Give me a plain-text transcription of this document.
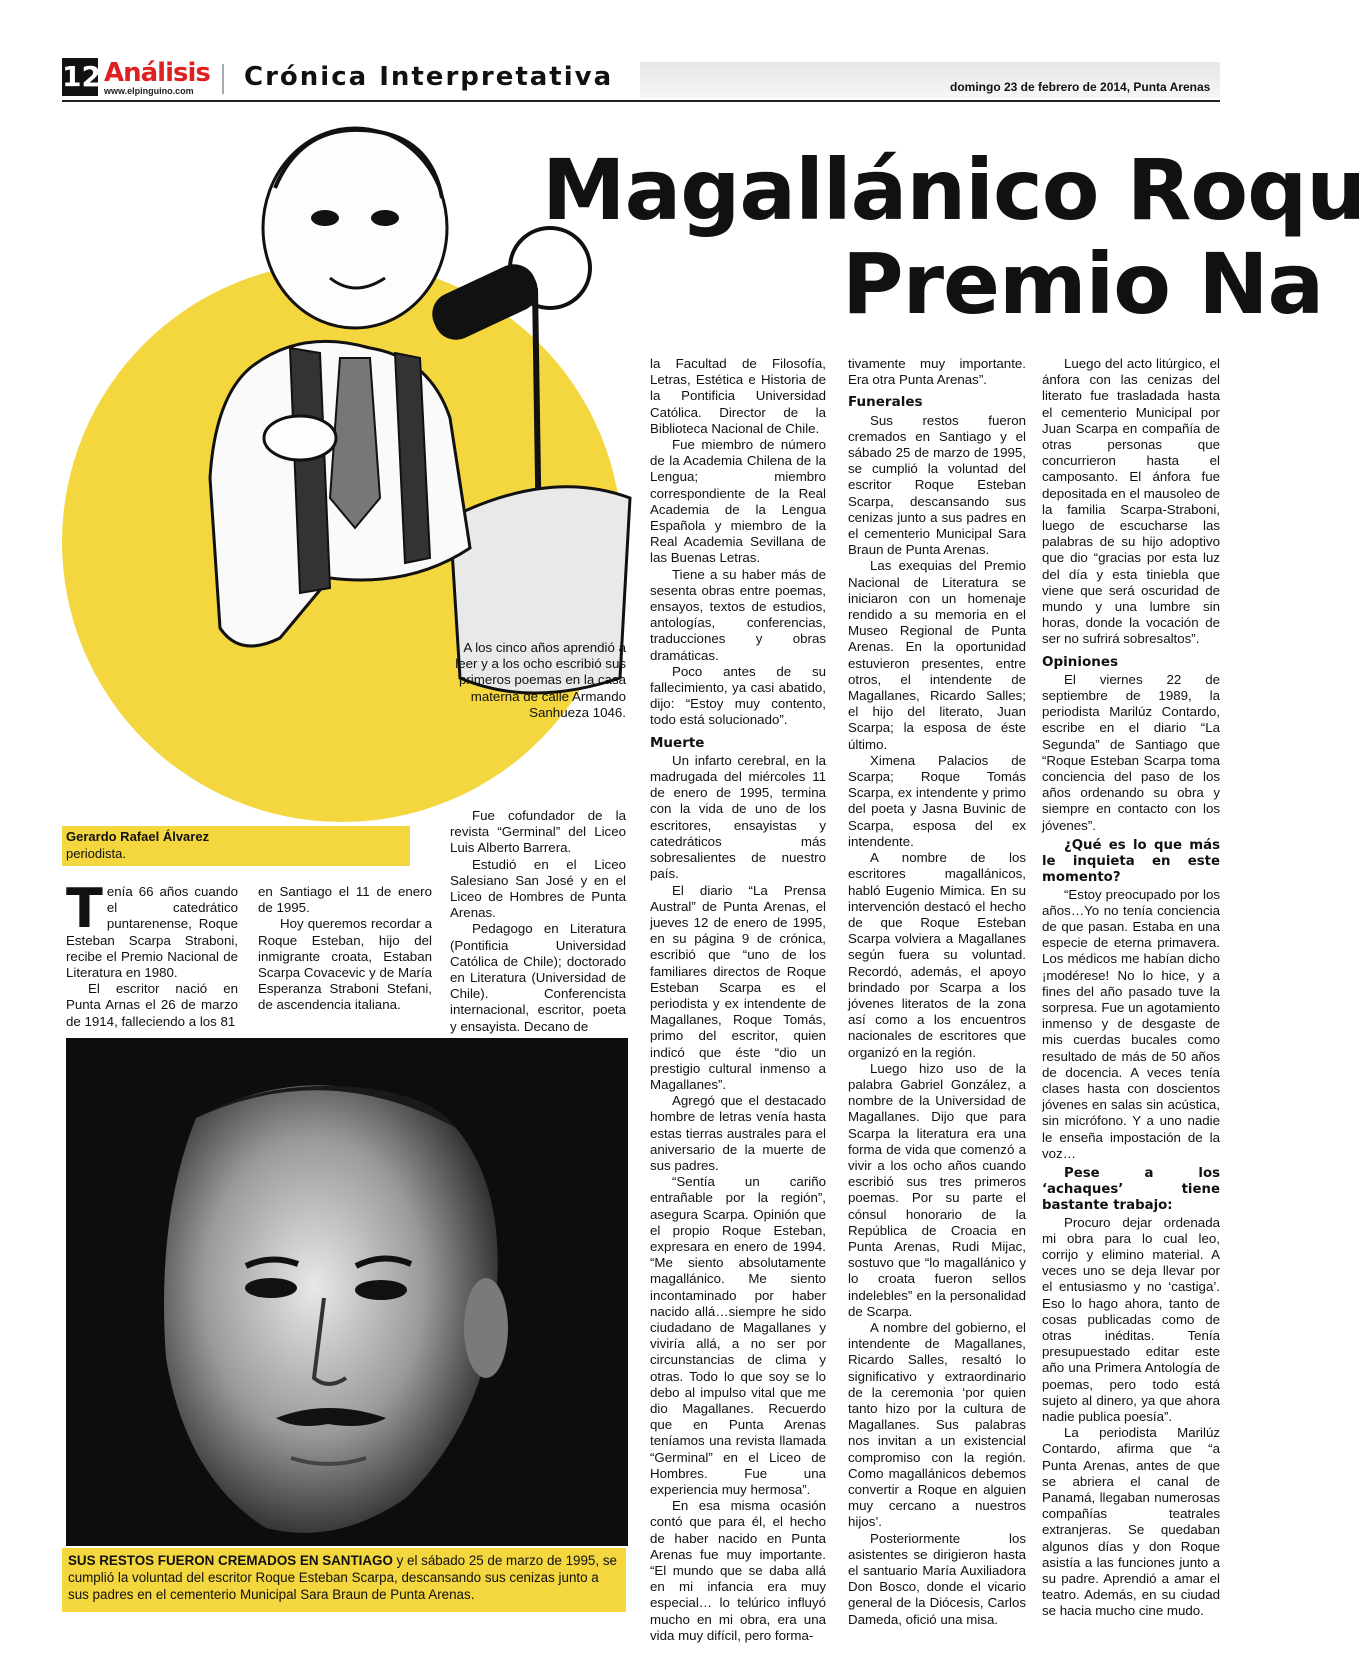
12 Análisis
www.elpinguino.com Crónica Interpretativa	domingo 23 de febrero de 2014, Punta Arenas
Magallánico Roqu
Premio Na
Gerardo Rafael Álvarez
periodista.

A los cinco años aprendió a leer y a los ocho escribió sus primeros poemas en la casa materna de calle Armando Sanhueza 1046.

Tenía 66 años cuando el catedrático puntarenense, Roque Esteban Scarpa Straboni, recibe el Premio Nacional de Literatura en 1980.

El escritor nació en Punta Arnas el 26 de marzo de 1914, falleciendo a los 81

en Santiago el 11 de enero de 1995.

Hoy queremos recordar a Roque Esteban, hijo del inmigrante croata, Estaban Scarpa Covacevic y de María Esperanza Straboni Stefani, de ascendencia italiana.

Fue cofundador de la revista “Germinal” del Liceo Luis Alberto Barrera.

Estudió en el Liceo Salesiano San José y en el Liceo de Hombres de Punta Arenas.

Pedagogo en Literatura (Pontificia Universidad Católica de Chile); doctorado en Literatura (Universidad de Chile). Conferencista internacional, escritor, poeta y ensayista. Decano de

la Facultad de Filosofía, Letras, Estética e Historia de la Pontificia Universidad Católica. Director de la Biblioteca Nacional de Chile.

Fue miembro de número de la Academia Chilena de la Lengua; miembro correspondiente de la Real Academia de la Lengua Española y miembro de la Real Academia Sevillana de las Buenas Letras.

Tiene a su haber más de sesenta obras entre poemas, ensayos, textos de estudios, antologías, conferencias, traducciones y obras dramáticas.

Poco antes de su fallecimiento, ya casi abatido, dijo: “Estoy muy contento, todo está solucionado”.

Muerte

Un infarto cerebral, en la madrugada del miércoles 11 de enero de 1995, termina con la vida de uno de los escritores, ensayistas y catedráticos más sobresalientes de nuestro país.

El diario “La Prensa Austral” de Punta Arenas, el jueves 12 de enero de 1995, en su página 9 de crónica, escribió que “uno de los familiares directos de Roque Esteban Scarpa es el periodista y ex intendente de Magallanes, Roque Tomás, primo del escritor, quien indicó que éste “dio un prestigio cultural inmenso a Magallanes”.

Agregó que el destacado hombre de letras venía hasta estas tierras australes para el aniversario de la muerte de sus padres.

“Sentía un cariño entrañable por la región”, asegura Scarpa. Opinión que el propio Roque Esteban, expresara en enero de 1994. “Me siento absolutamente magallánico. Me siento incontaminado por haber nacido allá…siempre he sido ciudadano de Magallanes y viviría allá, a no ser por circunstancias de clima y otras. Todo lo que soy se lo debo al impulso vital que me dio Magallanes. Recuerdo que en Punta Arenas teníamos una revista llamada “Germinal” en el Liceo de Hombres. Fue una experiencia muy hermosa”.

En esa misma ocasión contó que para él, el hecho de haber nacido en Punta Arenas fue muy importante. “El mundo que se daba allá en mi infancia era muy especial… lo telúrico influyó mucho en mi obra, era una vida muy difícil, pero forma-

tivamente muy importante. Era otra Punta Arenas”.

Funerales

Sus restos fueron cremados en Santiago y el sábado 25 de marzo de 1995, se cumplió la voluntad del escritor Roque Esteban Scarpa, descansando sus cenizas junto a sus padres en el cementerio Municipal Sara Braun de Punta Arenas.

Las exequias del Premio Nacional de Literatura se iniciaron con un homenaje rendido a su memoria en el Museo Regional de Punta Arenas. En la oportunidad estuvieron presentes, entre otros, el intendente de Magallanes, Ricardo Salles; el hijo del literato, Juan Scarpa; la esposa de éste último.

Ximena Palacios de Scarpa; Roque Tomás Scarpa, ex intendente y primo del poeta y Jasna Buvinic de Scarpa, esposa del ex intendente.

A nombre de los escritores magallánicos, habló Eugenio Mimica. En su intervención destacó el hecho de que Roque Esteban Scarpa volviera a Magallanes según fuera su voluntad. Recordó, además, el apoyo brindado por Scarpa a los jóvenes literatos de la zona así como a los encuentros nacionales de escritores que organizó en la región.

Luego hizo uso de la palabra Gabriel González, a nombre de la Universidad de Magallanes. Dijo que para Scarpa la literatura era una forma de vida que comenzó a vivir a los ocho años cuando escribió sus tres primeros poemas. Por su parte el cónsul honorario de la República de Croacia en Punta Arenas, Rudi Mijac, sostuvo que “lo magallánico y lo croata fueron sellos indelebles” en la personalidad de Scarpa.

A nombre del gobierno, el intendente de Magallanes, Ricardo Salles, resaltó lo significativo y extraordinario de la ceremonia ‘por quien tanto hizo por la cultura de Magallanes. Sus palabras nos invitan a un existencial compromiso con la región. Como magallánicos debemos convertir a Roque en alguien muy cercano a nuestros hijos’.

Posteriormente los asistentes se dirigieron hasta el santuario María Auxiliadora Don Bosco, donde el vicario general de la Diócesis, Carlos Dameda, ofició una misa.

Luego del acto litúrgico, el ánfora con las cenizas del literato fue trasladada hasta el cementerio Municipal por Juan Scarpa en compañía de otras personas que concurrieron hasta el camposanto. El ánfora fue depositada en el mausoleo de la familia Scarpa-Straboni, luego de escucharse las palabras de su hijo adoptivo que dio “gracias por esta luz del día y esta tiniebla que viene que será oscuridad de mundo y una lumbre sin horas, donde la vocación de ser no sufrirá sobresaltos”.

Opiniones

El viernes 22 de septiembre de 1989, la periodista Marilúz Contardo, escribe en el diario “La Segunda” de Santiago que “Roque Esteban Scarpa toma conciencia del paso de los años ordenando su obra y siempre en contacto con los jóvenes”.

¿Qué es lo que más le inquieta en este momento?

“Estoy preocupado por los años…Yo no tenía conciencia de que pasan. Estaba en una especie de eterna primavera. Los médicos me habían dicho ¡modérese! No lo hice, y a fines del año pasado tuve la sorpresa. Fue un agotamiento inmenso y de desgaste de mis cuerdas bucales como resultado de más de 50 años de docencia. A veces tenía clases hasta con doscientos jóvenes en salas sin acústica, sin micrófono. Y a uno nadie le enseña impostación de la voz…

Pese a los ‘achaques’ tiene bastante trabajo:

Procuro dejar ordenada mi obra para lo cual leo, corrijo y elimino material. A veces uno se deja llevar por el entusiasmo y no ‘castiga’. Eso lo hago ahora, tanto de cosas publicadas como de otras inéditas. Tenía presupuestado editar este año una Primera Antología de poemas, pero todo está sujeto al dinero, ya que ahora nadie publica poesía”.

La periodista Marilúz Contardo, afirma que “a Punta Arenas, antes de que se abriera el canal de Panamá, llegaban numerosas compañías teatrales extranjeras. Se quedaban algunos días y don Roque asistía a las funciones junto a su padre. Aprendió a amar el teatro. Además, en su ciudad se hacia mucho cine mudo.

SUS RESTOS FUERON CREMADOS EN SANTIAGO y el sábado 25 de marzo de 1995, se cumplió la voluntad del escritor Roque Esteban Scarpa, descansando sus cenizas junto a sus padres en el cementerio Municipal Sara Braun de Punta Arenas.
